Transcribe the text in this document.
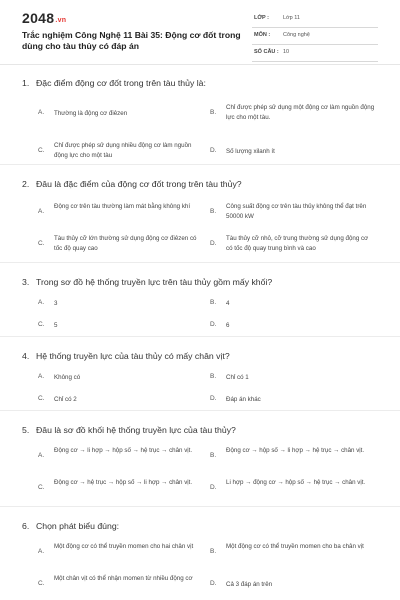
2048.vn
Trắc nghiệm Công Nghệ 11 Bài 35: Động cơ đốt trong dùng cho tàu thủy có đáp án
LỚP :	Lớp 11
MÔN : Công nghệ
SỐ CÂU : 10
1. Đặc điểm động cơ đốt trong trên tàu thủy là:
A. Thường là động cơ điêzen	B.
Chỉ được phép sử dụng một động cơ làm nguồn động lực cho một tàu.
C.
Chỉ được phép sử dụng nhiều động cơ làm nguồn động lực cho một tàu
D. Số lượng xilanh ít
2. Đâu là đặc điểm của động cơ đốt trong trên tàu thủy?
A.
Động cơ trên tàu thường làm mát bằng không khí
B.
Công suất động cơ trên tàu thủy không thể đạt trên 50000 kW
C.
Tàu thủy cỡ lớn thường sử dụng động cơ điêzen có tốc độ quay cao
D.
Tàu thủy cỡ nhỏ, cỡ trung thường sử dụng động cơ có tốc độ quay trung bình và cao
3. Trong sơ đồ hệ thống truyền lực trên tàu thủy gồm mấy khối?
A. 3	B. 4
C. 5	D. 6
4. Hệ thống truyền lực của tàu thủy có mấy chân vịt?
A. Không có	B. Chỉ có 1
C. Chỉ có 2	D. Đáp án khác
5. Đâu là sơ đồ khối hệ thống truyền lực của tàu thủy?
A.
Động cơ → li hợp → hộp số → hệ trục → chân vịt.
B.
Động cơ → hộp số → li hợp → hệ trục → chân vịt.
C.
Động cơ → hệ trục → hộp số → li hợp → chân vịt.
D.
Li hợp → động cơ → hộp số → hệ trục → chân vịt.
6. Chọn phát biểu đúng:
A.
Một động cơ có thể truyền momen cho hai chân vịt
B.
Một động cơ có thể truyền momen cho ba chân vịt
C.
Một chân vịt có thể nhận momen từ nhiều động cơ
D. Cả 3 đáp án trên
